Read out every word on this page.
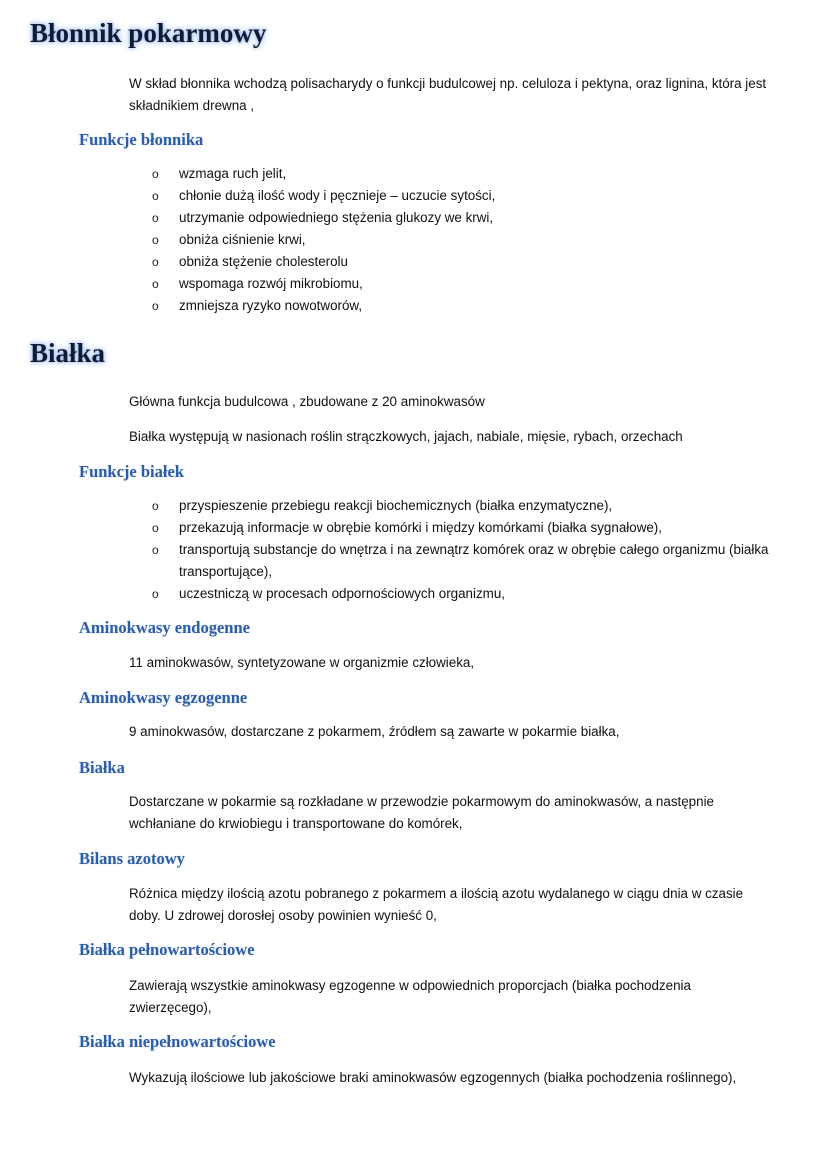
Błonnik pokarmowy

W skład błonnika wchodzą polisacharydy o funkcji budulcowej np. celuloza i pektyna, oraz lignina, która jest składnikiem drewna ,

Funkcje błonnika
o wzmaga ruch jelit,
o chłonie dużą ilość wody i pęcznieje – uczucie sytości,
o utrzymanie odpowiedniego stężenia glukozy we krwi,
o obniża ciśnienie krwi,
o obniża stężenie cholesterolu
o wspomaga rozwój mikrobiomu,
o zmniejsza ryzyko nowotworów,
Białka

Główna funkcja budulcowa , zbudowane z 20 aminokwasów

Białka występują w nasionach roślin strączkowych, jajach, nabiale, mięsie, rybach, orzechach

Funkcje białek
o przyspieszenie przebiegu reakcji biochemicznych (białka enzymatyczne),
o przekazują informacje w obrębie komórki i między komórkami (białka sygnałowe),
o transportują substancje do wnętrza i na zewnątrz komórek oraz w obrębie całego organizmu (białka transportujące),
o uczestniczą w procesach odpornościowych organizmu,
Aminokwasy endogenne

11 aminokwasów, syntetyzowane w organizmie człowieka,

Aminokwasy egzogenne

9 aminokwasów, dostarczane z pokarmem, źródłem są zawarte w pokarmie białka,

Białka

Dostarczane w pokarmie są rozkładane w przewodzie pokarmowym do aminokwasów, a następnie wchłaniane do krwiobiegu i transportowane do komórek,

Bilans azotowy

Różnica między ilością azotu pobranego z pokarmem a ilością azotu wydalanego w ciągu dnia w czasie doby. U zdrowej dorosłej osoby powinien wynieść 0,

Białka pełnowartościowe

Zawierają wszystkie aminokwasy egzogenne w odpowiednich proporcjach (białka pochodzenia zwierzęcego),

Białka niepełnowartościowe

Wykazują ilościowe lub jakościowe braki aminokwasów egzogennych (białka pochodzenia roślinnego),
